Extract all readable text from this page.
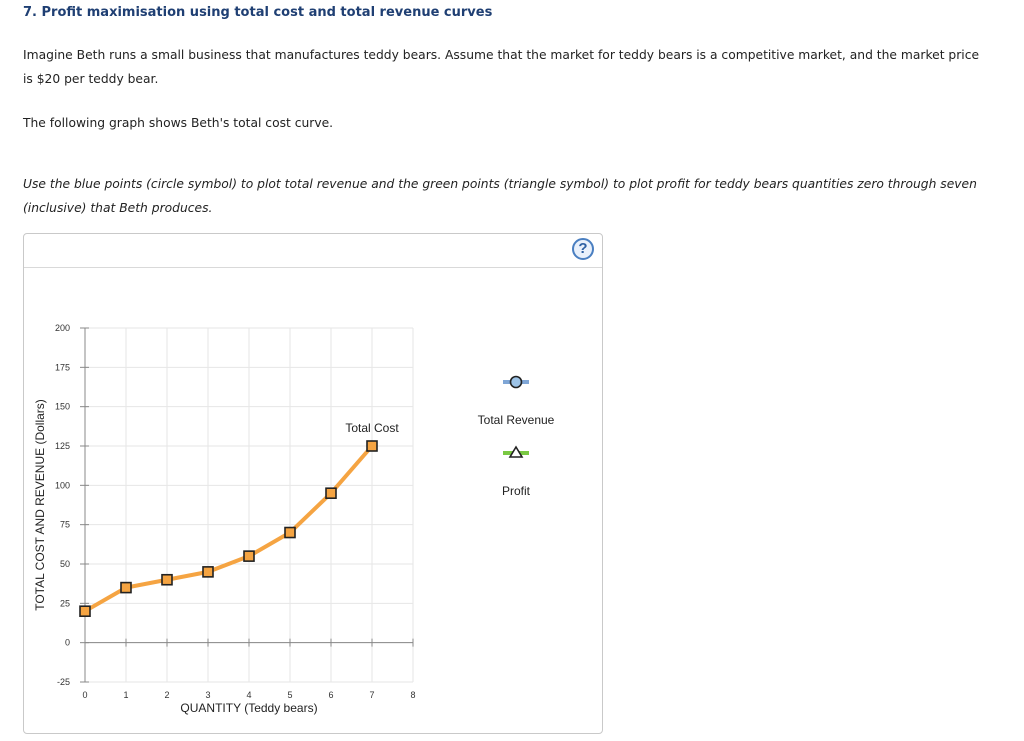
7. Profit maximisation using total cost and total revenue curves

Imagine Beth runs a small business that manufactures teddy bears. Assume that the market for teddy bears is a competitive market, and the market price is $20 per teddy bear.

The following graph shows Beth's total cost curve.

Use the blue points (circle symbol) to plot total revenue and the green points (triangle symbol) to plot profit for teddy bears quantities zero through seven (inclusive) that Beth produces.

?
-25
0
25
50
75
100
125
150
175
200
0	1	2	3	4	5	6	7	8
QUANTITY (Teddy bears)
TOTAL COST AND REVENUE (Dollars)	Total Cost
Total Revenue
Profit
